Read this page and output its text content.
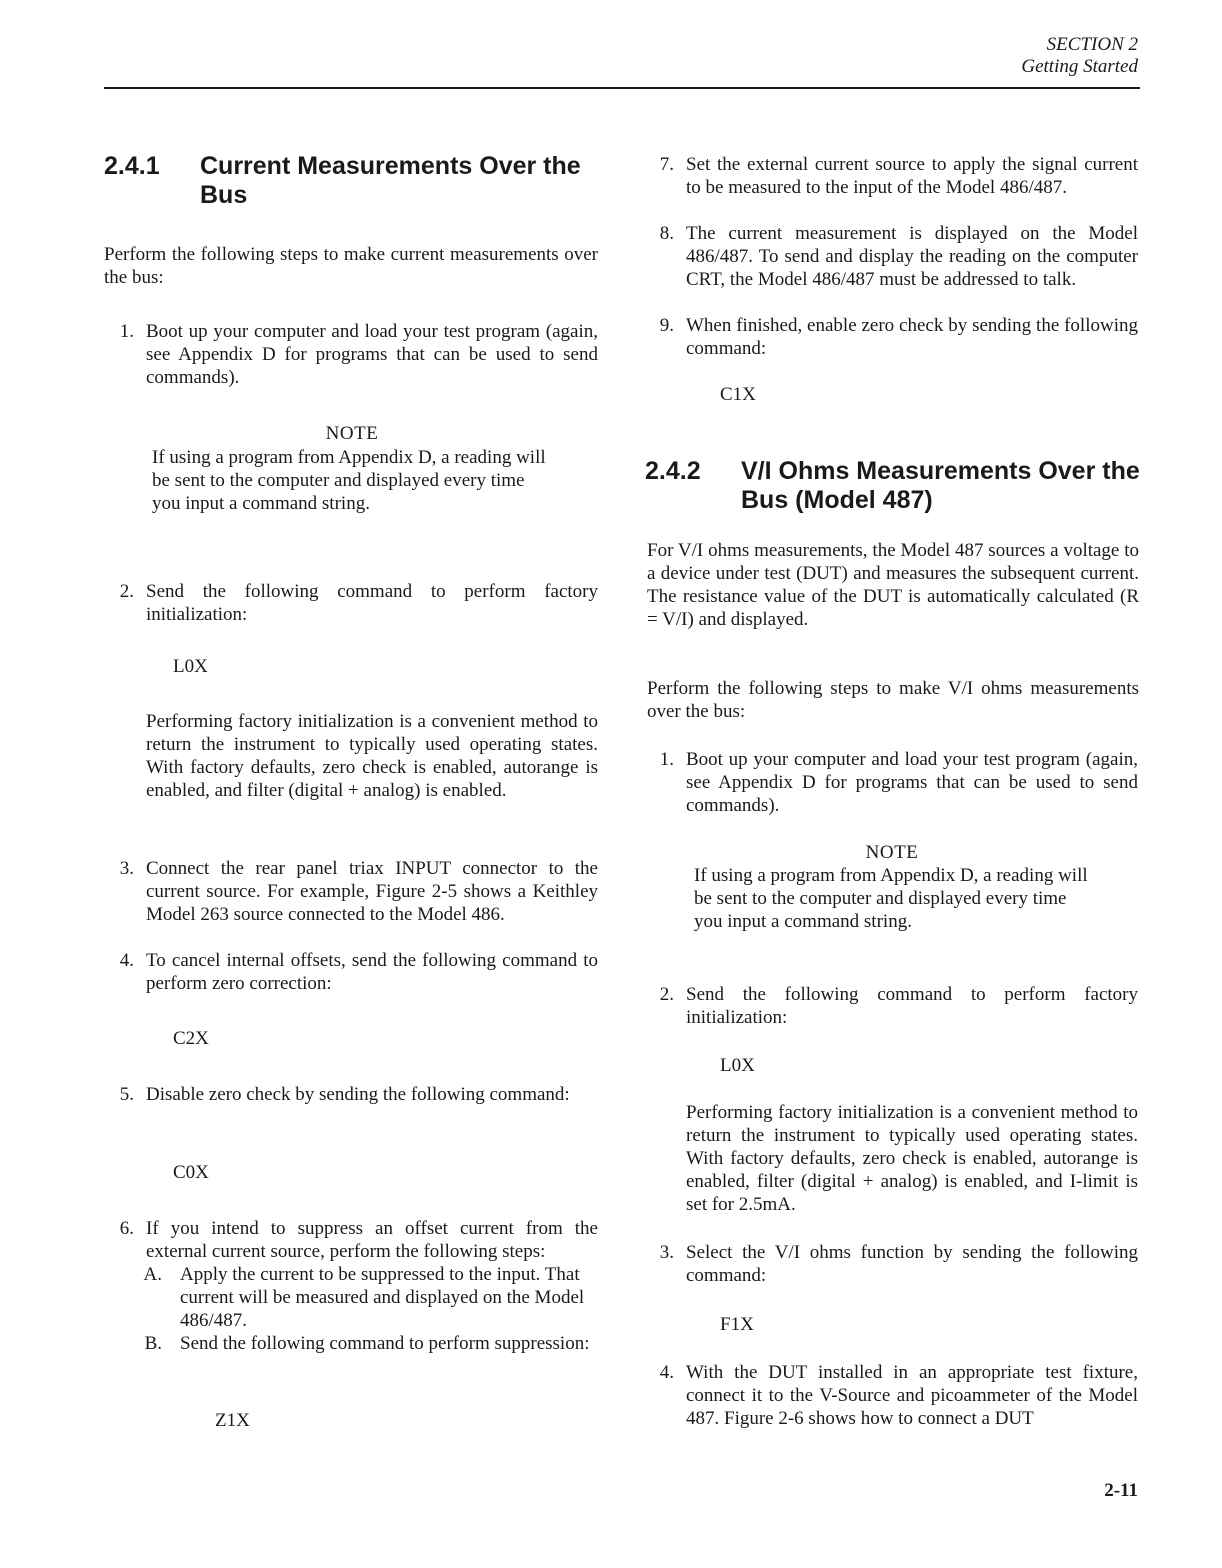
SECTION 2
Getting Started
2.4.1 Current Measurements Over the
Bus
Perform the following steps to make current measurements over the bus:
1. Boot up your computer and load your test program (again, see Appendix D for programs that can be used to send commands).
NOTE
If using a program from Appendix D, a reading will be sent to the computer and displayed every time you input a command string.
2. Send the following command to perform factory initialization:
L0X
Performing factory initialization is a convenient method to return the instrument to typically used operating states. With factory defaults, zero check is enabled, autorange is enabled, and filter (digital + analog) is enabled.
3. Connect the rear panel triax INPUT connector to the current source. For example, Figure 2-5 shows a Keithley Model 263 source connected to the Model 486.
4. To cancel internal offsets, send the following command to perform zero correction:
C2X
5. Disable zero check by sending the following command:
C0X
6. If you intend to suppress an offset current from the external current source, perform the following steps:
A. Apply the current to be suppressed to the input. That current will be measured and displayed on the Model 486/487.
B. Send the following command to perform suppression:
Z1X
7. Set the external current source to apply the signal current to be measured to the input of the Model 486/487.
8. The current measurement is displayed on the Model 486/487. To send and display the reading on the computer CRT, the Model 486/487 must be addressed to talk.
9. When finished, enable zero check by sending the following command:
C1X
2.4.2 V/I Ohms Measurements Over the
Bus (Model 487)
For V/I ohms measurements, the Model 487 sources a voltage to a device under test (DUT) and measures the subsequent current. The resistance value of the DUT is automatically calculated (R = V/I) and displayed.
Perform the following steps to make V/I ohms measurements over the bus:
1. Boot up your computer and load your test program (again, see Appendix D for programs that can be used to send commands).
NOTE
If using a program from Appendix D, a reading will be sent to the computer and displayed every time you input a command string.
2. Send the following command to perform factory initialization:
L0X
Performing factory initialization is a convenient method to return the instrument to typically used operating states. With factory defaults, zero check is enabled, autorange is enabled, filter (digital + analog) is enabled, and I-limit is set for 2.5mA.
3. Select the V/I ohms function by sending the following command:
F1X
4. With the DUT installed in an appropriate test fixture, connect it to the V-Source and picoammeter of the Model 487. Figure 2-6 shows how to connect a DUT
2-11
